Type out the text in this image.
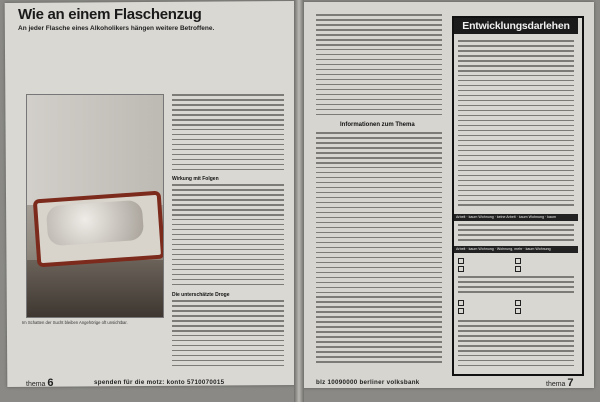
Wie an einem Flaschenzug
An jeder Flasche eines Alkoholikers hängen weitere Betroffene.
Im Schatten der Sucht bleiben Angehörige oft unsichtbar.

Wirkung mit Folgen

Die unterschätzte Droge

thema 6	spenden für die motz: konto 5710070015
Informationen zum Thema
Entwicklungsdarlehen
Arbeit · kaum Wohnung · keine Arbeit · kaum Wohnung · kaum
Arbeit · kaum Wohnung · Wohnung, mehr · kaum Wohnung

blz 10090000 berliner volksbank	thema 7
